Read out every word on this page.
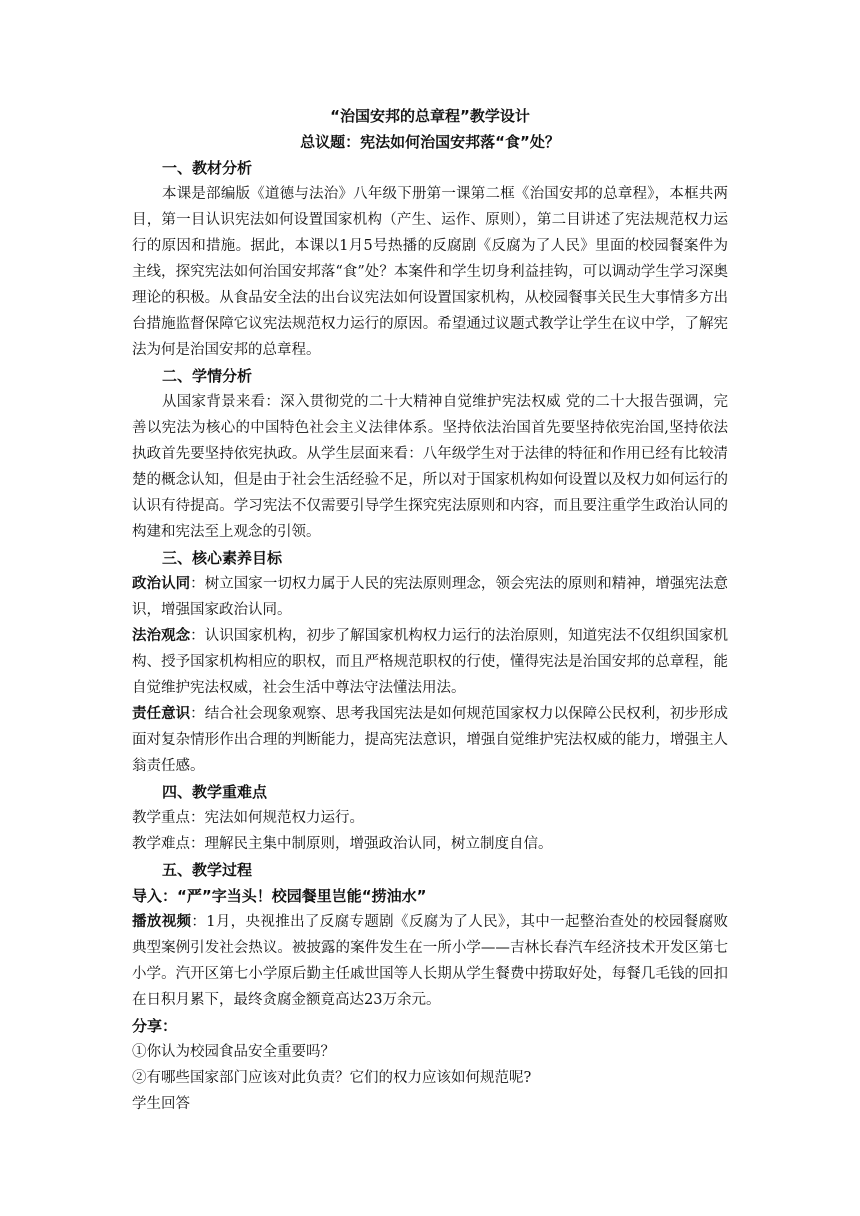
“治国安邦的总章程”教学设计
总议题：宪法如何治国安邦落“食”处？
一、教材分析

本课是部编版《道德与法治》八年级下册第一课第二框《治国安邦的总章程》，本框共两目，第一目认识宪法如何设置国家机构（产生、运作、原则），第二目讲述了宪法规范权力运行的原因和措施。据此，本课以1月5号热播的反腐剧《反腐为了人民》里面的校园餐案件为主线，探究宪法如何治国安邦落“食”处？本案件和学生切身利益挂钩，可以调动学生学习深奥理论的积极。从食品安全法的出台议宪法如何设置国家机构，从校园餐事关民生大事情多方出台措施监督保障它议宪法规范权力运行的原因。希望通过议题式教学让学生在议中学，了解宪法为何是治国安邦的总章程。

二、学情分析

从国家背景来看：深入贯彻党的二十大精神自觉维护宪法权威 党的二十大报告强调，完善以宪法为核心的中国特色社会主义法律体系。坚持依法治国首先要坚持依宪治国,坚持依法执政首先要坚持依宪执政。从学生层面来看：八年级学生对于法律的特征和作用已经有比较清楚的概念认知，但是由于社会生活经验不足，所以对于国家机构如何设置以及权力如何运行的认识有待提高。学习宪法不仅需要引导学生探究宪法原则和内容，而且要注重学生政治认同的构建和宪法至上观念的引领。

三、核心素养目标

政治认同：树立国家一切权力属于人民的宪法原则理念，领会宪法的原则和精神，增强宪法意识，增强国家政治认同。

法治观念：认识国家机构，初步了解国家机构权力运行的法治原则，知道宪法不仅组织国家机构、授予国家机构相应的职权，而且严格规范职权的行使，懂得宪法是治国安邦的总章程，能自觉维护宪法权威，社会生活中尊法守法懂法用法。

责任意识：结合社会现象观察、思考我国宪法是如何规范国家权力以保障公民权利，初步形成面对复杂情形作出合理的判断能力，提高宪法意识，增强自觉维护宪法权威的能力，增强主人翁责任感。

四、教学重难点

教学重点：宪法如何规范权力运行。

教学难点：理解民主集中制原则，增强政治认同，树立制度自信。

五、教学过程

导入：“严”字当头！校园餐里岂能“捞油水”

播放视频：1月，央视推出了反腐专题剧《反腐为了人民》，其中一起整治查处的校园餐腐败典型案例引发社会热议。被披露的案件发生在一所小学——吉林长春汽车经济技术开发区第七小学。汽开区第七小学原后勤主任戚世国等人长期从学生餐费中捞取好处，每餐几毛钱的回扣在日积月累下，最终贪腐金额竟高达23万余元。

分享：

①你认为校园食品安全重要吗？

②有哪些国家部门应该对此负责？它们的权力应该如何规范呢?

学生回答
